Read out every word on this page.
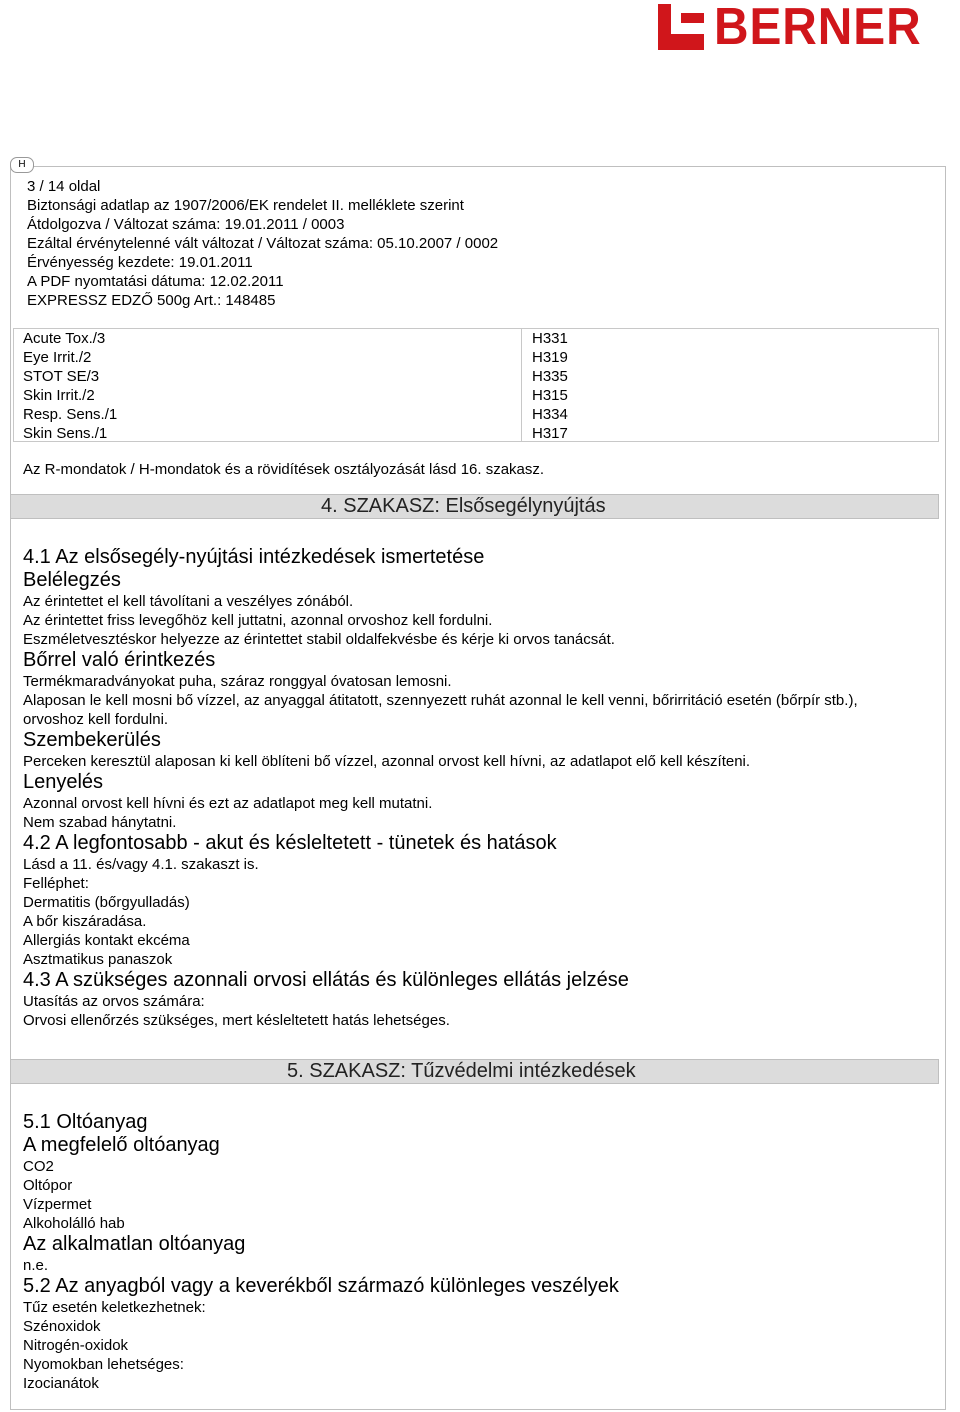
BERNER
H
3 / 14 oldal
Biztonsági adatlap az 1907/2006/EK rendelet II. melléklete szerint
Átdolgozva / Változat száma: 19.01.2011 / 0003
Ezáltal érvénytelenné vált változat / Változat száma: 05.10.2007 / 0002
Érvényesség kezdete: 19.01.2011
A PDF nyomtatási dátuma: 12.02.2011
EXPRESSZ EDZŐ 500g Art.: 148485
Acute Tox./3
Eye Irrit./2
STOT SE/3
Skin Irrit./2
Resp. Sens./1
Skin Sens./1
H331
H319
H335
H315
H334
H317
Az R-mondatok / H-mondatok és a rövidítések osztályozását lásd 16. szakasz.
4. SZAKASZ: Elsősegélynyújtás
4.1 Az elsősegély-nyújtási intézkedések ismertetése
Belélegzés
Az érintettet el kell távolítani a veszélyes zónából.
Az érintettet friss levegőhöz kell juttatni, azonnal orvoshoz kell fordulni.
Eszméletvesztéskor helyezze az érintettet stabil oldalfekvésbe és kérje ki orvos tanácsát.
Bőrrel való érintkezés
Termékmaradványokat puha, száraz ronggyal óvatosan lemosni.
Alaposan le kell mosni bő vízzel, az anyaggal átitatott, szennyezett ruhát azonnal le kell venni, bőrirritáció esetén (bőrpír stb.), orvoshoz kell fordulni.
Szembekerülés
Perceken keresztül alaposan ki kell öblíteni bő vízzel, azonnal orvost kell hívni, az adatlapot elő kell készíteni.
Lenyelés
Azonnal orvost kell hívni és ezt az adatlapot meg kell mutatni.
Nem szabad hánytatni.
4.2 A legfontosabb - akut és késleltetett - tünetek és hatások
Lásd a 11. és/vagy 4.1. szakaszt is.
Felléphet:
Dermatitis (bőrgyulladás)
A bőr kiszáradása.
Allergiás kontakt ekcéma
Asztmatikus panaszok
4.3 A szükséges azonnali orvosi ellátás és különleges ellátás jelzése
Utasítás az orvos számára:
Orvosi ellenőrzés szükséges, mert késleltetett hatás lehetséges.
5. SZAKASZ: Tűzvédelmi intézkedések
5.1 Oltóanyag
A megfelelő oltóanyag
CO2
Oltópor
Vízpermet
Alkoholálló hab
Az alkalmatlan oltóanyag
n.e.
5.2 Az anyagból vagy a keverékből származó különleges veszélyek
Tűz esetén keletkezhetnek:
Szénoxidok
Nitrogén-oxidok
Nyomokban lehetséges:
Izocianátok
